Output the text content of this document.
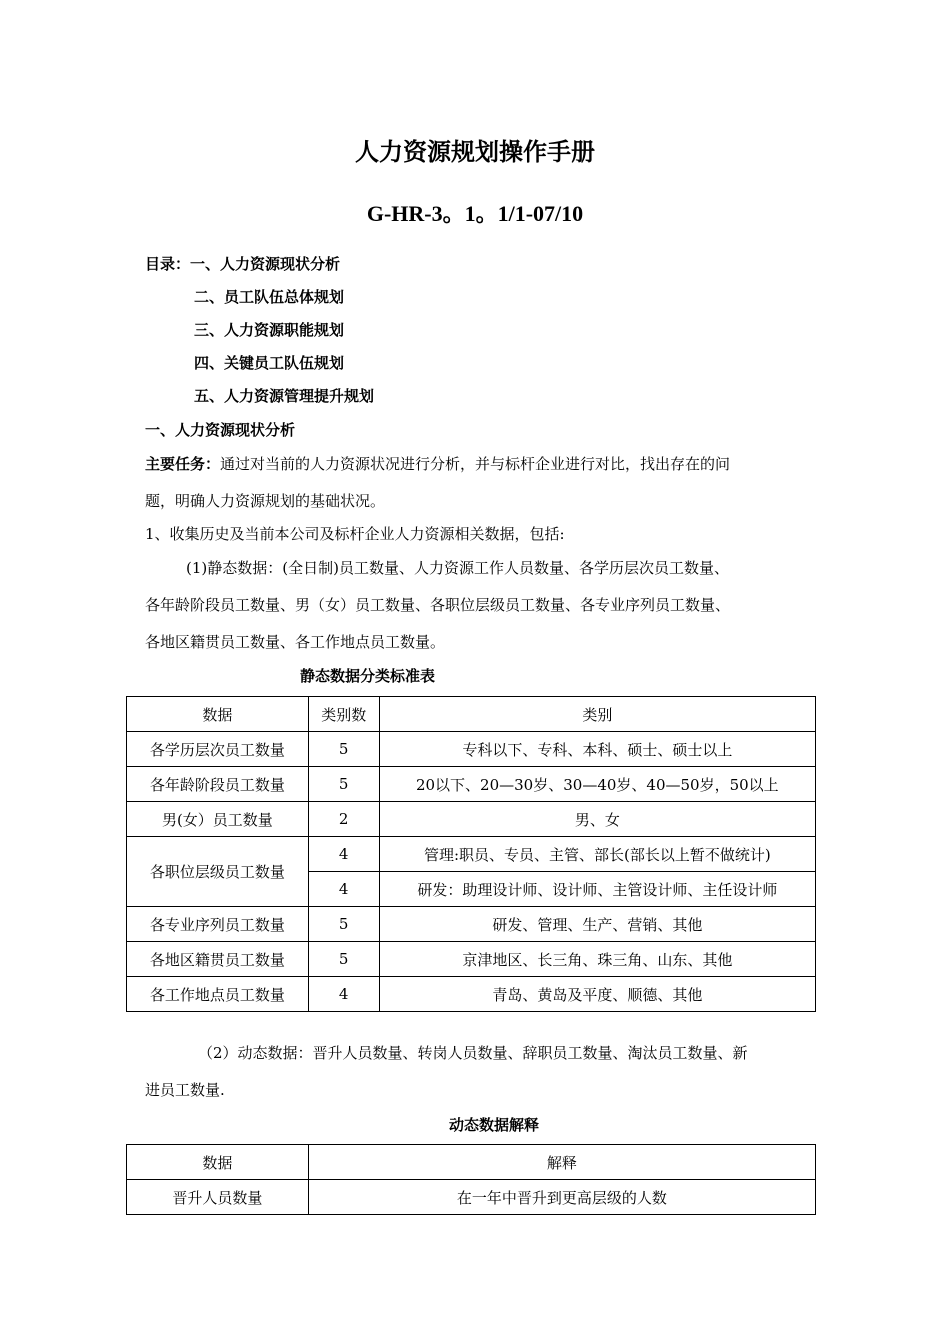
人力资源规划操作手册
G-HR-3。1。1/1-07/10
目录：一、人力资源现状分析
二、员工队伍总体规划
三、人力资源职能规划
四、关键员工队伍规划
五、人力资源管理提升规划
一、人力资源现状分析
主要任务：通过对当前的人力资源状况进行分析，并与标杆企业进行对比，找出存在的问
题，明确人力资源规划的基础状况。
1、收集历史及当前本公司及标杆企业人力资源相关数据，包括:
(1)静态数据：(全日制)员工数量、人力资源工作人员数量、各学历层次员工数量、
各年龄阶段员工数量、男（女）员工数量、各职位层级员工数量、各专业序列员工数量、
各地区籍贯员工数量、各工作地点员工数量。
静态数据分类标准表
数据	类别数	类别
各学历层次员工数量	5	专科以下、专科、本科、硕士、硕士以上
各年龄阶段员工数量	5	20以下、20—30岁、30—40岁、40—50岁，50以上
男(女）员工数量	2	男、女
各职位层级员工数量	4	管理:职员、专员、主管、部长(部长以上暂不做统计)
	4	研发：助理设计师、设计师、主管设计师、主任设计师
各专业序列员工数量	5	研发、管理、生产、营销、其他
各地区籍贯员工数量	5	京津地区、长三角、珠三角、山东、其他
各工作地点员工数量	4	青岛、黄岛及平度、顺德、其他
（2）动态数据：晋升人员数量、转岗人员数量、辞职员工数量、淘汰员工数量、新
进员工数量.
动态数据解释
数据	解释
晋升人员数量	在一年中晋升到更高层级的人数
